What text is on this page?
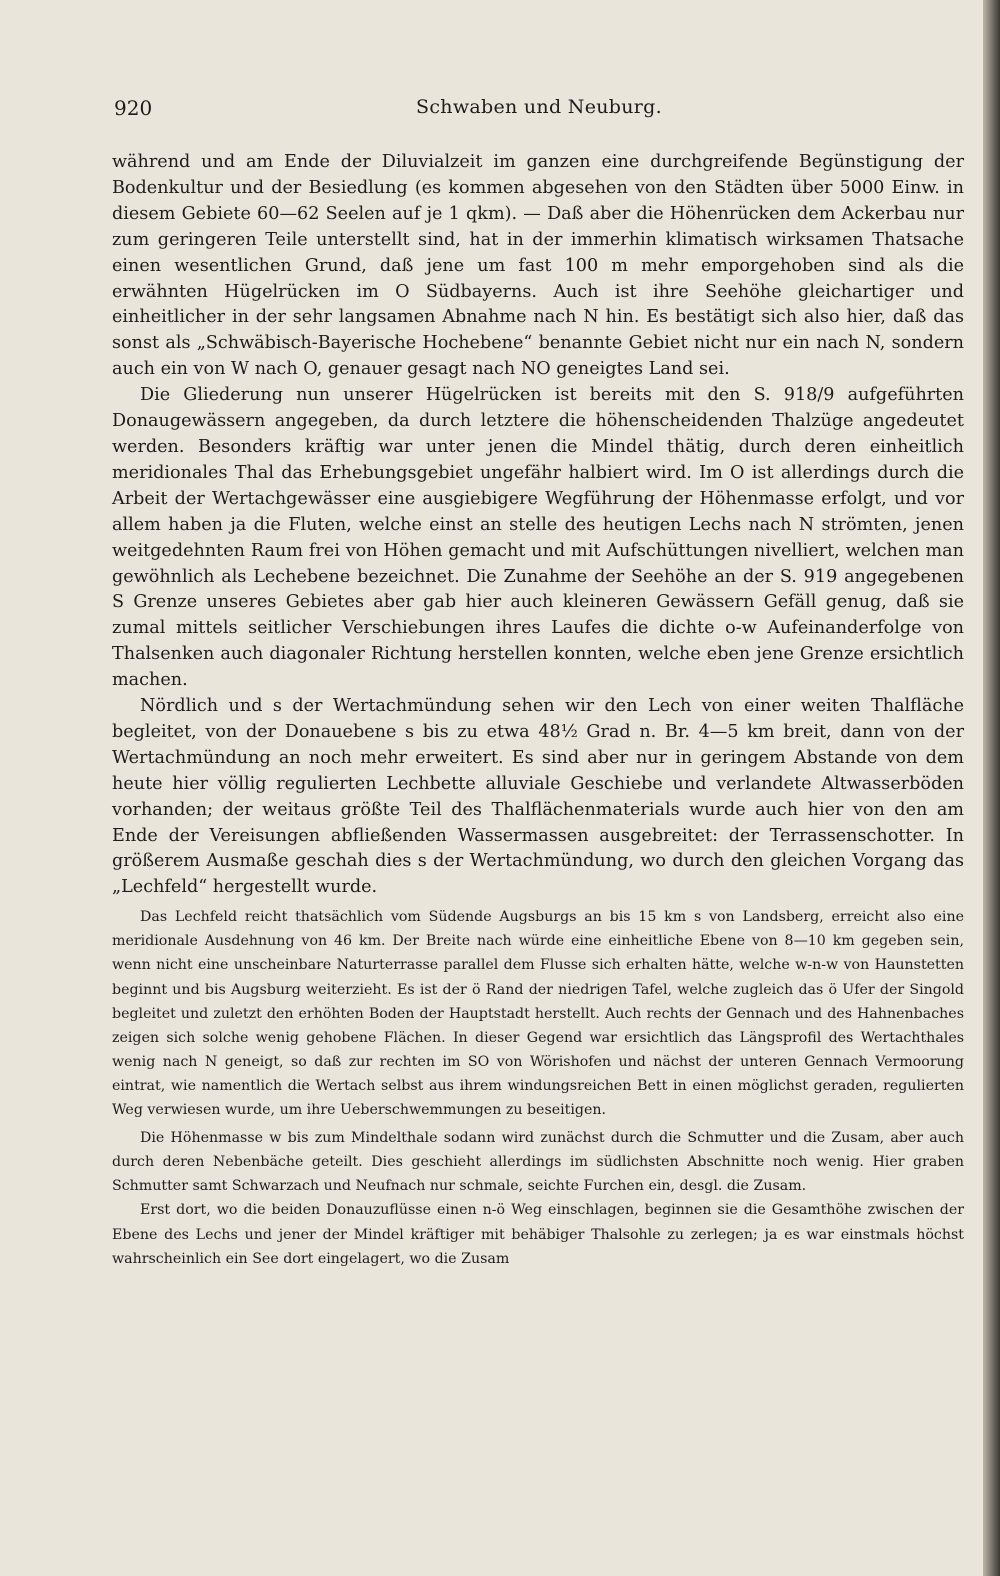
920	Schwaben und Neuburg.

während und am Ende der Diluvialzeit im ganzen eine durchgreifende Begünstigung der Bodenkultur und der Besiedlung (es kommen abgesehen von den Städten über 5000 Einw. in diesem Gebiete 60—62 Seelen auf je 1 qkm). — Daß aber die Höhenrücken dem Ackerbau nur zum geringeren Teile unterstellt sind, hat in der immerhin klimatisch wirksamen Thatsache einen wesentlichen Grund, daß jene um fast 100 m mehr emporgehoben sind als die erwähnten Hügelrücken im O Südbayerns. Auch ist ihre Seehöhe gleichartiger und einheitlicher in der sehr langsamen Abnahme nach N hin. Es bestätigt sich also hier, daß das sonst als „Schwäbisch-Bayerische Hochebene“ benannte Gebiet nicht nur ein nach N, sondern auch ein von W nach O, genauer gesagt nach NO geneigtes Land sei.

Die Gliederung nun unserer Hügelrücken ist bereits mit den S. 918/9 aufgeführten Donaugewässern angegeben, da durch letztere die höhenscheidenden Thalzüge angedeutet werden. Besonders kräftig war unter jenen die Mindel thätig, durch deren einheitlich meridionales Thal das Erhebungsgebiet ungefähr halbiert wird. Im O ist allerdings durch die Arbeit der Wertachgewässer eine ausgiebigere Wegführung der Höhenmasse erfolgt, und vor allem haben ja die Fluten, welche einst an stelle des heutigen Lechs nach N strömten, jenen weitgedehnten Raum frei von Höhen gemacht und mit Aufschüttungen nivelliert, welchen man gewöhnlich als Lechebene bezeichnet. Die Zunahme der Seehöhe an der S. 919 angegebenen S Grenze unseres Gebietes aber gab hier auch kleineren Gewässern Gefäll genug, daß sie zumal mittels seitlicher Verschiebungen ihres Laufes die dichte o-w Aufeinanderfolge von Thalsenken auch diagonaler Richtung herstellen konnten, welche eben jene Grenze ersichtlich machen.

Nördlich und s der Wertachmündung sehen wir den Lech von einer weiten Thalfläche begleitet, von der Donauebene s bis zu etwa 48½ Grad n. Br. 4—5 km breit, dann von der Wertachmündung an noch mehr erweitert. Es sind aber nur in geringem Abstande von dem heute hier völlig regulierten Lechbette alluviale Geschiebe und verlandete Altwasserböden vorhanden; der weitaus größte Teil des Thalflächenmaterials wurde auch hier von den am Ende der Vereisungen abfließenden Wassermassen ausgebreitet: der Terrassenschotter. In größerem Ausmaße geschah dies s der Wertachmündung, wo durch den gleichen Vorgang das „Lechfeld“ hergestellt wurde.

Das Lechfeld reicht thatsächlich vom Südende Augsburgs an bis 15 km s von Landsberg, erreicht also eine meridionale Ausdehnung von 46 km. Der Breite nach würde eine einheitliche Ebene von 8—10 km gegeben sein, wenn nicht eine unscheinbare Naturterrasse parallel dem Flusse sich erhalten hätte, welche w-n-w von Haunstetten beginnt und bis Augsburg weiterzieht. Es ist der ö Rand der niedrigen Tafel, welche zugleich das ö Ufer der Singold begleitet und zuletzt den erhöhten Boden der Hauptstadt herstellt. Auch rechts der Gennach und des Hahnenbaches zeigen sich solche wenig gehobene Flächen. In dieser Gegend war ersichtlich das Längsprofil des Wertachthales wenig nach N geneigt, so daß zur rechten im SO von Wörishofen und nächst der unteren Gennach Vermoorung eintrat, wie namentlich die Wertach selbst aus ihrem windungsreichen Bett in einen möglichst geraden, regulierten Weg verwiesen wurde, um ihre Ueberschwemmungen zu beseitigen.

Die Höhenmasse w bis zum Mindelthale sodann wird zunächst durch die Schmutter und die Zusam, aber auch durch deren Nebenbäche geteilt. Dies geschieht allerdings im südlichsten Abschnitte noch wenig. Hier graben Schmutter samt Schwarzach und Neufnach nur schmale, seichte Furchen ein, desgl. die Zusam.

Erst dort, wo die beiden Donauzuflüsse einen n-ö Weg einschlagen, beginnen sie die Gesamthöhe zwischen der Ebene des Lechs und jener der Mindel kräftiger mit behäbiger Thalsohle zu zerlegen; ja es war einstmals höchst wahrscheinlich ein See dort eingelagert, wo die Zusam
